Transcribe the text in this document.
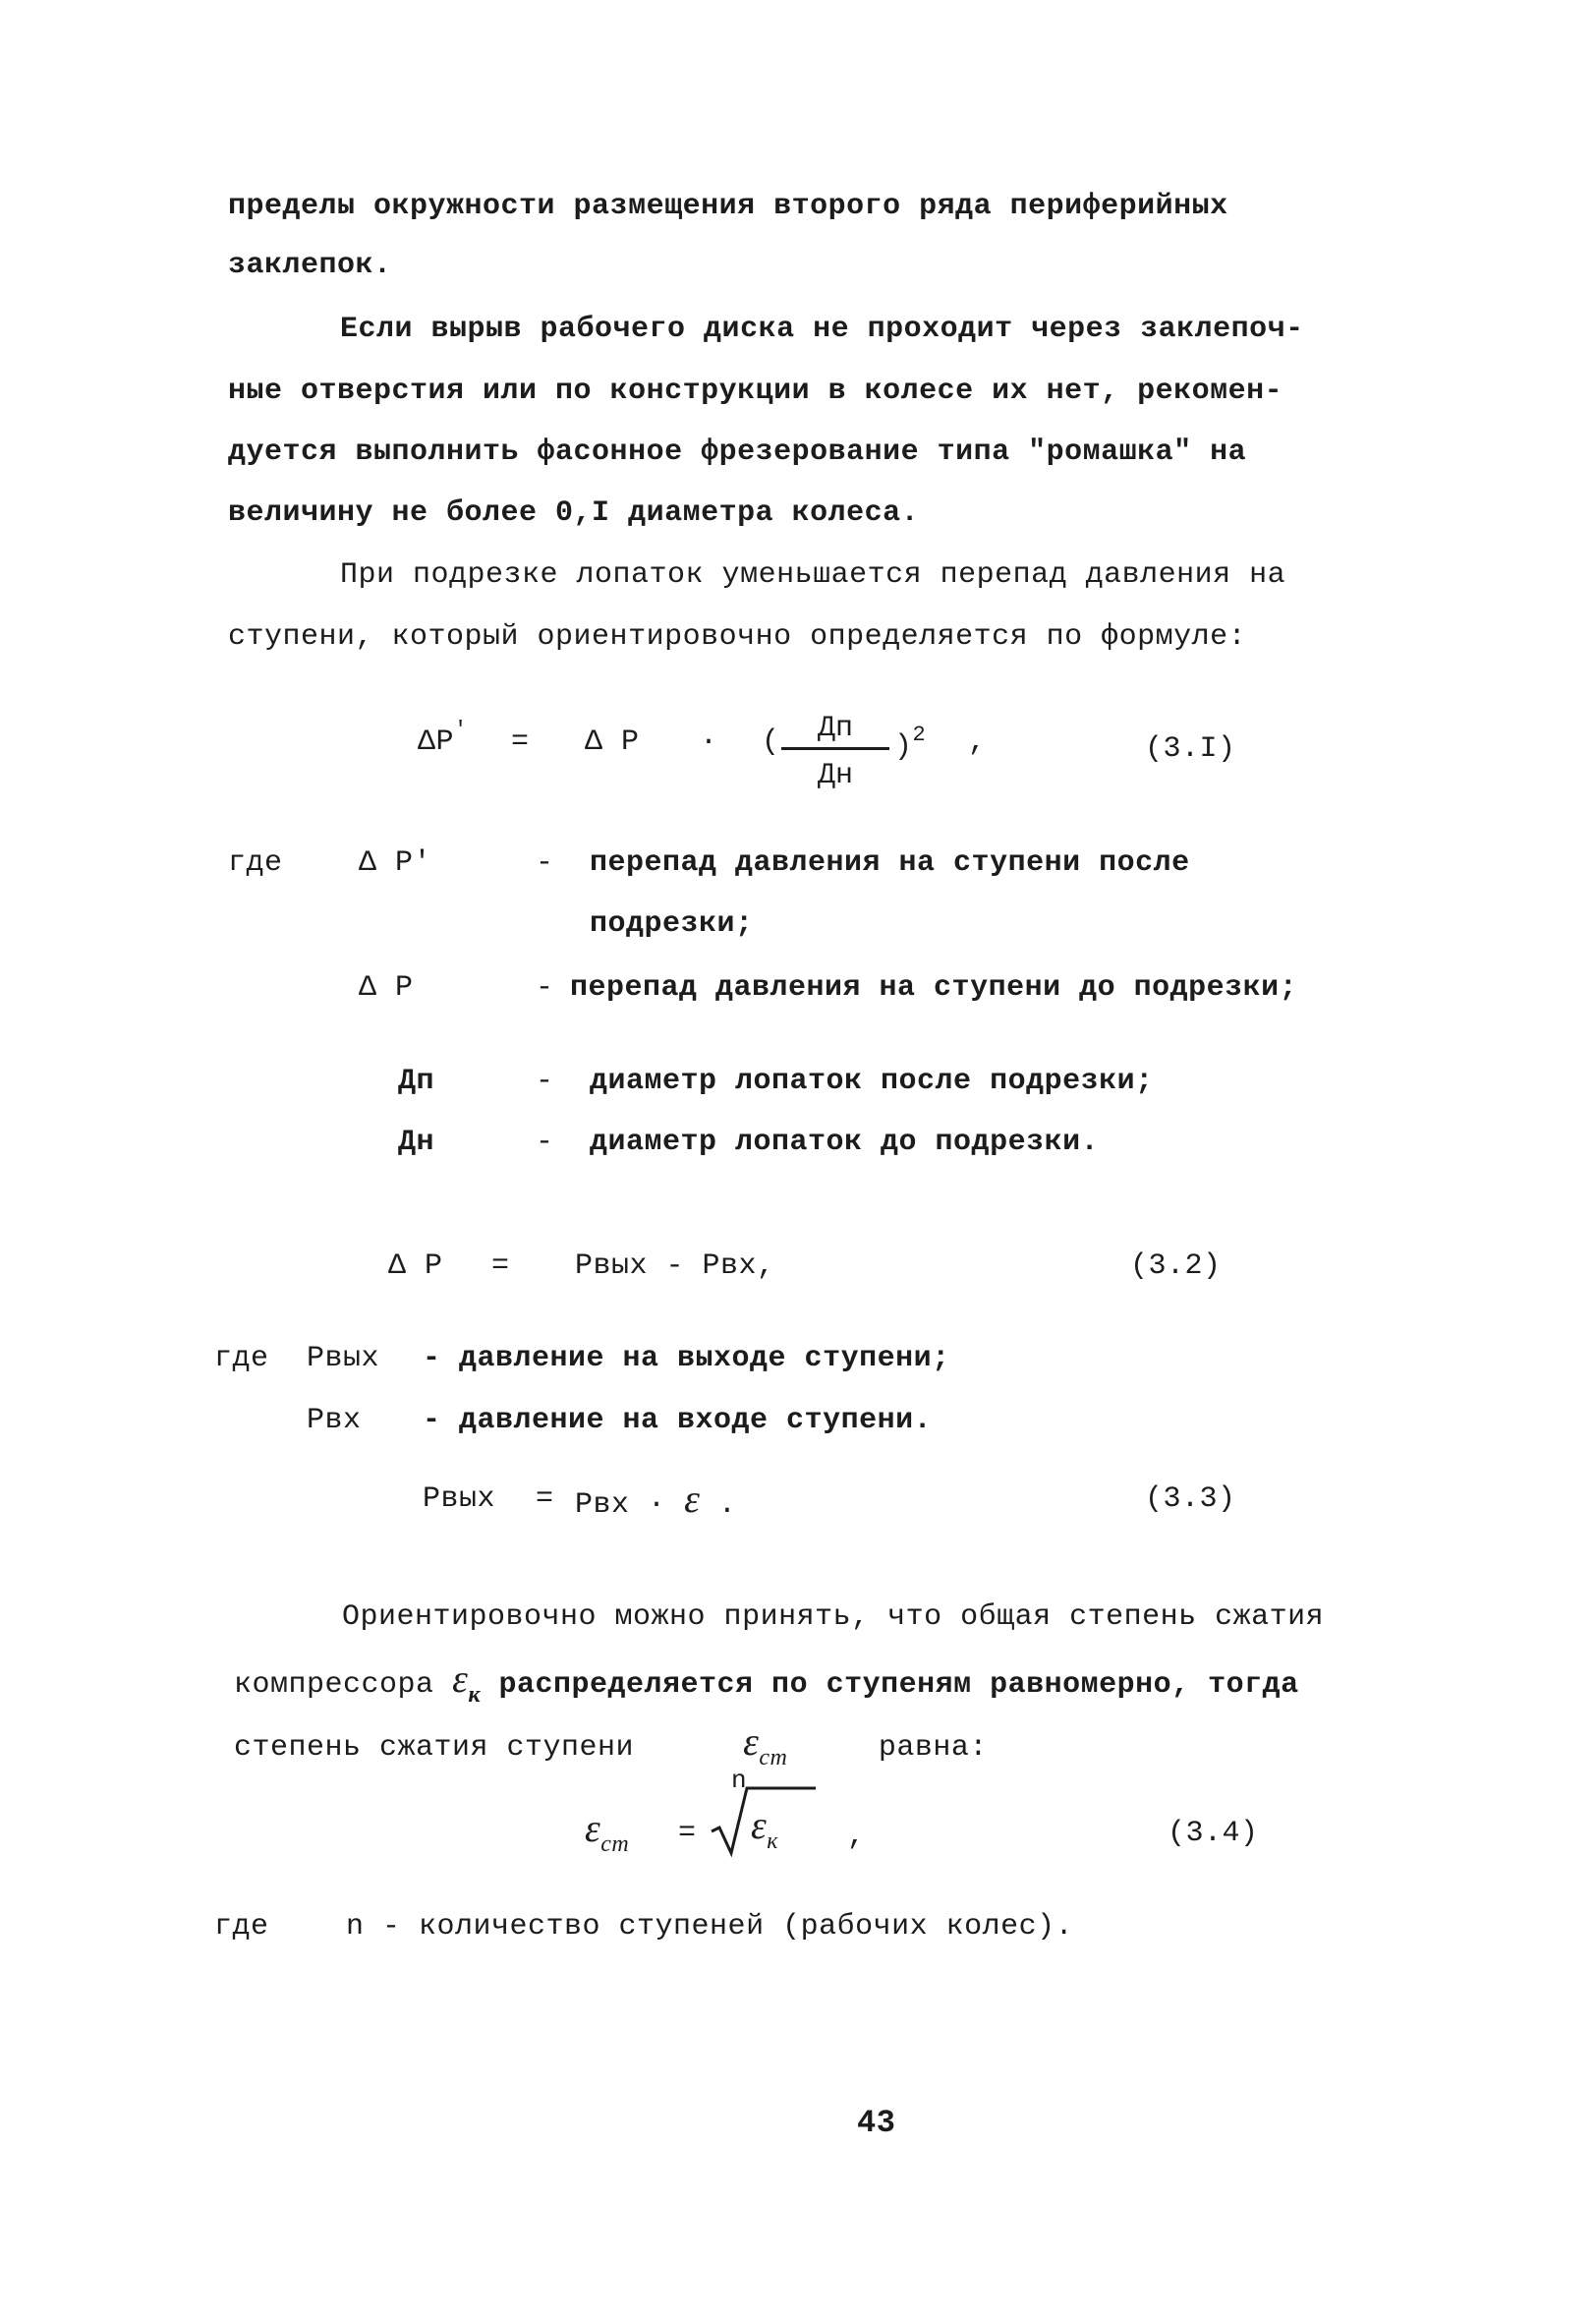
пределы окружности размещения второго ряда периферийных
заклепок.
Если вырыв рабочего диска не проходит через заклепоч-
ные отверстия или по конструкции в колесе их нет, рекомен-
дуется выполнить фасонное фрезерование типа "ромашка" на
величину не более 0,I диаметра колеса.
При подрезке лопаток уменьшается перепад давления на
ступени, который ориентировочно определяется по формуле:
ΔP′ = Δ P · (	Дп
Дн
)$^2$ ,	(3.I)
где	Δ P′	- перепад давления на ступени после
подрезки;
Δ P	- перепад давления на ступени до подрезки;
Дп	- диаметр лопаток после подрезки;
Дн	- диаметр лопаток до подрезки.
Δ P = Рвых - Рвх,	(3.2)
где Рвых - давление на выходе ступени;
Рвх - давление на входе ступени.
Рвых = Рвх · ε .	(3.3)
Ориентировочно можно принять, что общая степень сжатия
компрессора $\varepsilon_к$ распределяется по ступеням равномерно, тогда
степень сжатия ступени	$\varepsilon_{ст}$	равна:
$\varepsilon_{ст}$ =
n
$\varepsilon_к$ ,	(3.4)
где	n - количество ступеней (рабочих колес).
43
